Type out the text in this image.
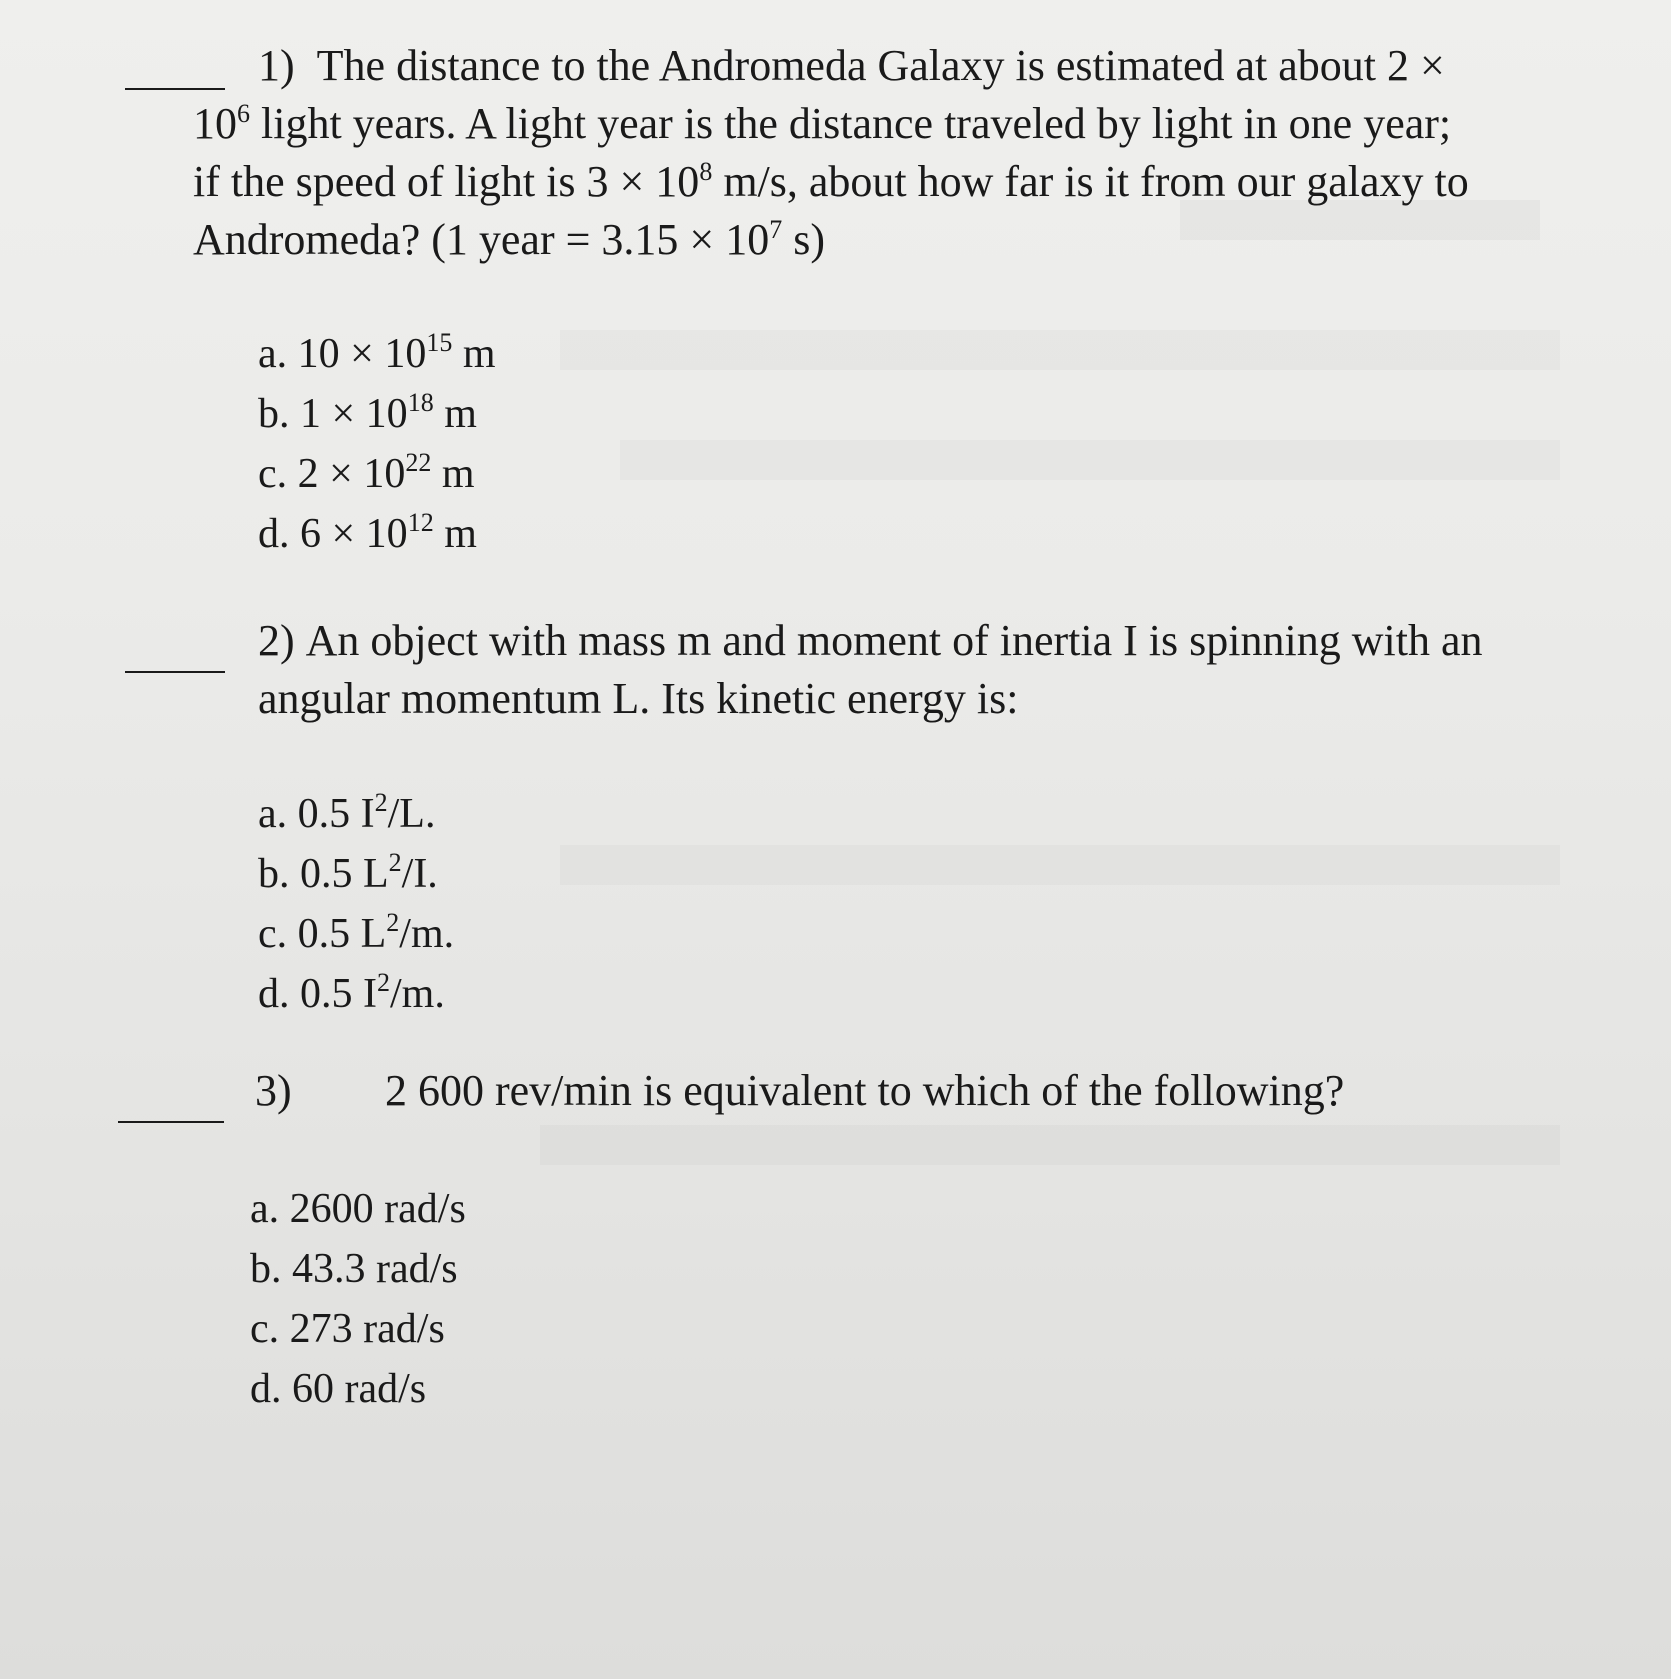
1) The distance to the Andromeda Galaxy is estimated at about 2 ×
$10^6$ light years. A light year is the distance traveled by light in one year;
if the speed of light is $3 \times 10^8$ m/s, about how far is it from our galaxy to
Andromeda? (1 year = $3.15 \times 10^7$ s)
a. $10 \times 10^{15}$ m
b. $1 \times 10^{18}$ m
c. $2 \times 10^{22}$ m
d. $6 \times 10^{12}$ m
2) An object with mass m and moment of inertia I is spinning with an
angular momentum L. Its kinetic energy is:
a. 0.5 $I^2/L$.
b. 0.5 $L^2/I$.
c. 0.5 $L^2/m$.
d. 0.5 $I^2/m$.
3) 2 600 rev/min is equivalent to which of the following?
a. 2600 rad/s
b. 43.3 rad/s
c. 273 rad/s
d. 60 rad/s
